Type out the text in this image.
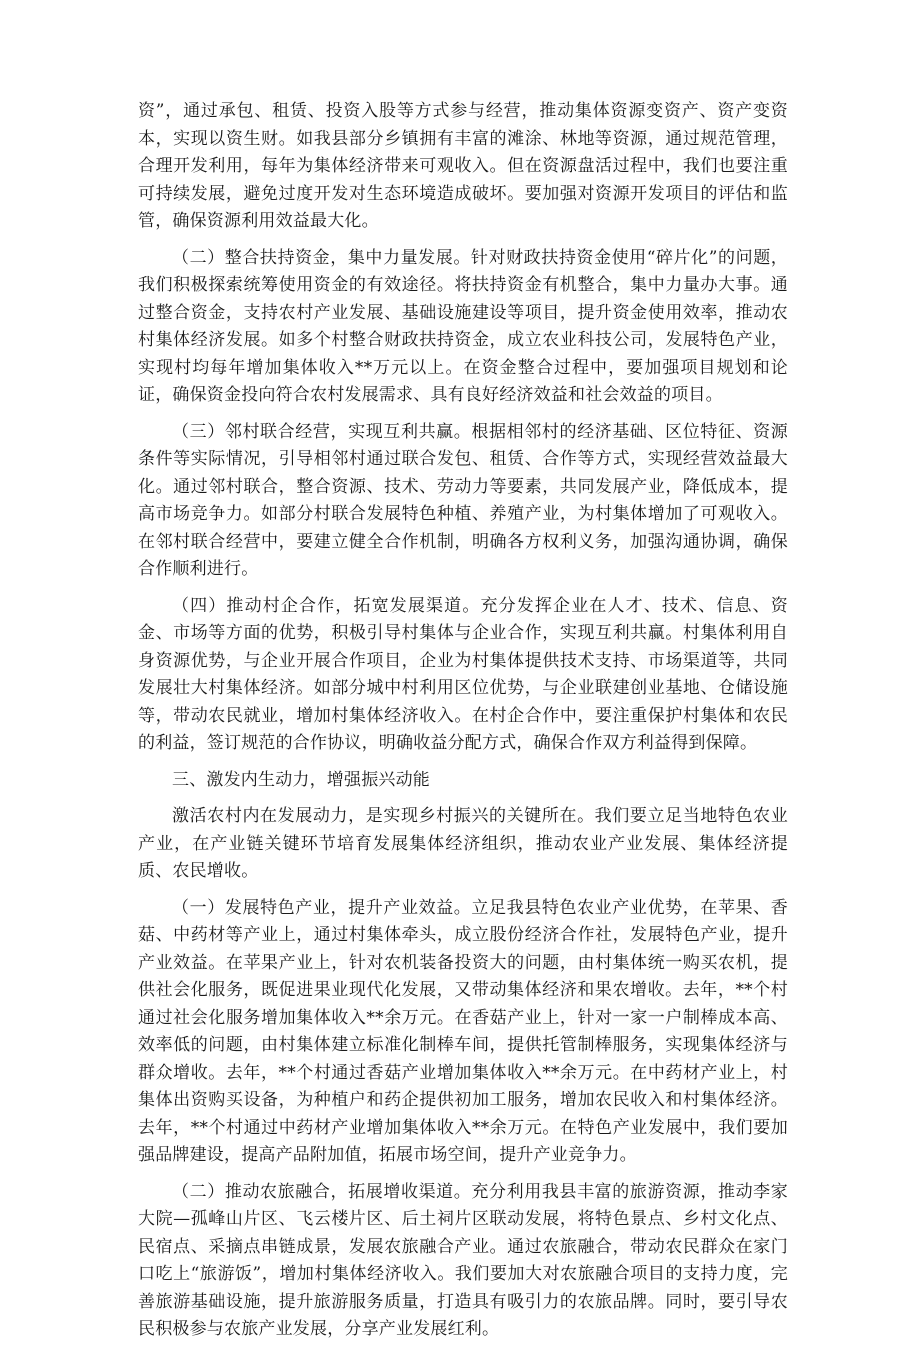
资”，通过承包、租赁、投资入股等方式参与经营，推动集体资源变资产、资产变资本，实现以资生财。如我县部分乡镇拥有丰富的滩涂、林地等资源，通过规范管理，合理开发利用，每年为集体经济带来可观收入。但在资源盘活过程中，我们也要注重可持续发展，避免过度开发对生态环境造成破坏。要加强对资源开发项目的评估和监管，确保资源利用效益最大化。

（二）整合扶持资金，集中力量发展。针对财政扶持资金使用“碎片化”的问题，我们积极探索统筹使用资金的有效途径。将扶持资金有机整合，集中力量办大事。通过整合资金，支持农村产业发展、基础设施建设等项目，提升资金使用效率，推动农村集体经济发展。如多个村整合财政扶持资金，成立农业科技公司，发展特色产业，实现村均每年增加集体收入**万元以上。在资金整合过程中，要加强项目规划和论证，确保资金投向符合农村发展需求、具有良好经济效益和社会效益的项目。

（三）邻村联合经营，实现互利共赢。根据相邻村的经济基础、区位特征、资源条件等实际情况，引导相邻村通过联合发包、租赁、合作等方式，实现经营效益最大化。通过邻村联合，整合资源、技术、劳动力等要素，共同发展产业，降低成本，提高市场竞争力。如部分村联合发展特色种植、养殖产业，为村集体增加了可观收入。在邻村联合经营中，要建立健全合作机制，明确各方权利义务，加强沟通协调，确保合作顺利进行。

（四）推动村企合作，拓宽发展渠道。充分发挥企业在人才、技术、信息、资金、市场等方面的优势，积极引导村集体与企业合作，实现互利共赢。村集体利用自身资源优势，与企业开展合作项目，企业为村集体提供技术支持、市场渠道等，共同发展壮大村集体经济。如部分城中村利用区位优势，与企业联建创业基地、仓储设施等，带动农民就业，增加村集体经济收入。在村企合作中，要注重保护村集体和农民的利益，签订规范的合作协议，明确收益分配方式，确保合作双方利益得到保障。

三、激发内生动力，增强振兴动能

激活农村内在发展动力，是实现乡村振兴的关键所在。我们要立足当地特色农业产业，在产业链关键环节培育发展集体经济组织，推动农业产业发展、集体经济提质、农民增收。

（一）发展特色产业，提升产业效益。立足我县特色农业产业优势，在苹果、香菇、中药材等产业上，通过村集体牵头，成立股份经济合作社，发展特色产业，提升产业效益。在苹果产业上，针对农机装备投资大的问题，由村集体统一购买农机，提供社会化服务，既促进果业现代化发展，又带动集体经济和果农增收。去年，**个村通过社会化服务增加集体收入**余万元。在香菇产业上，针对一家一户制棒成本高、效率低的问题，由村集体建立标准化制棒车间，提供托管制棒服务，实现集体经济与群众增收。去年，**个村通过香菇产业增加集体收入**余万元。在中药材产业上，村集体出资购买设备，为种植户和药企提供初加工服务，增加农民收入和村集体经济。去年，**个村通过中药材产业增加集体收入**余万元。在特色产业发展中，我们要加强品牌建设，提高产品附加值，拓展市场空间，提升产业竞争力。

（二）推动农旅融合，拓展增收渠道。充分利用我县丰富的旅游资源，推动李家大院—孤峰山片区、飞云楼片区、后土祠片区联动发展，将特色景点、乡村文化点、民宿点、采摘点串链成景，发展农旅融合产业。通过农旅融合，带动农民群众在家门口吃上“旅游饭”，增加村集体经济收入。我们要加大对农旅融合项目的支持力度，完善旅游基础设施，提升旅游服务质量，打造具有吸引力的农旅品牌。同时，要引导农民积极参与农旅产业发展，分享产业发展红利。
